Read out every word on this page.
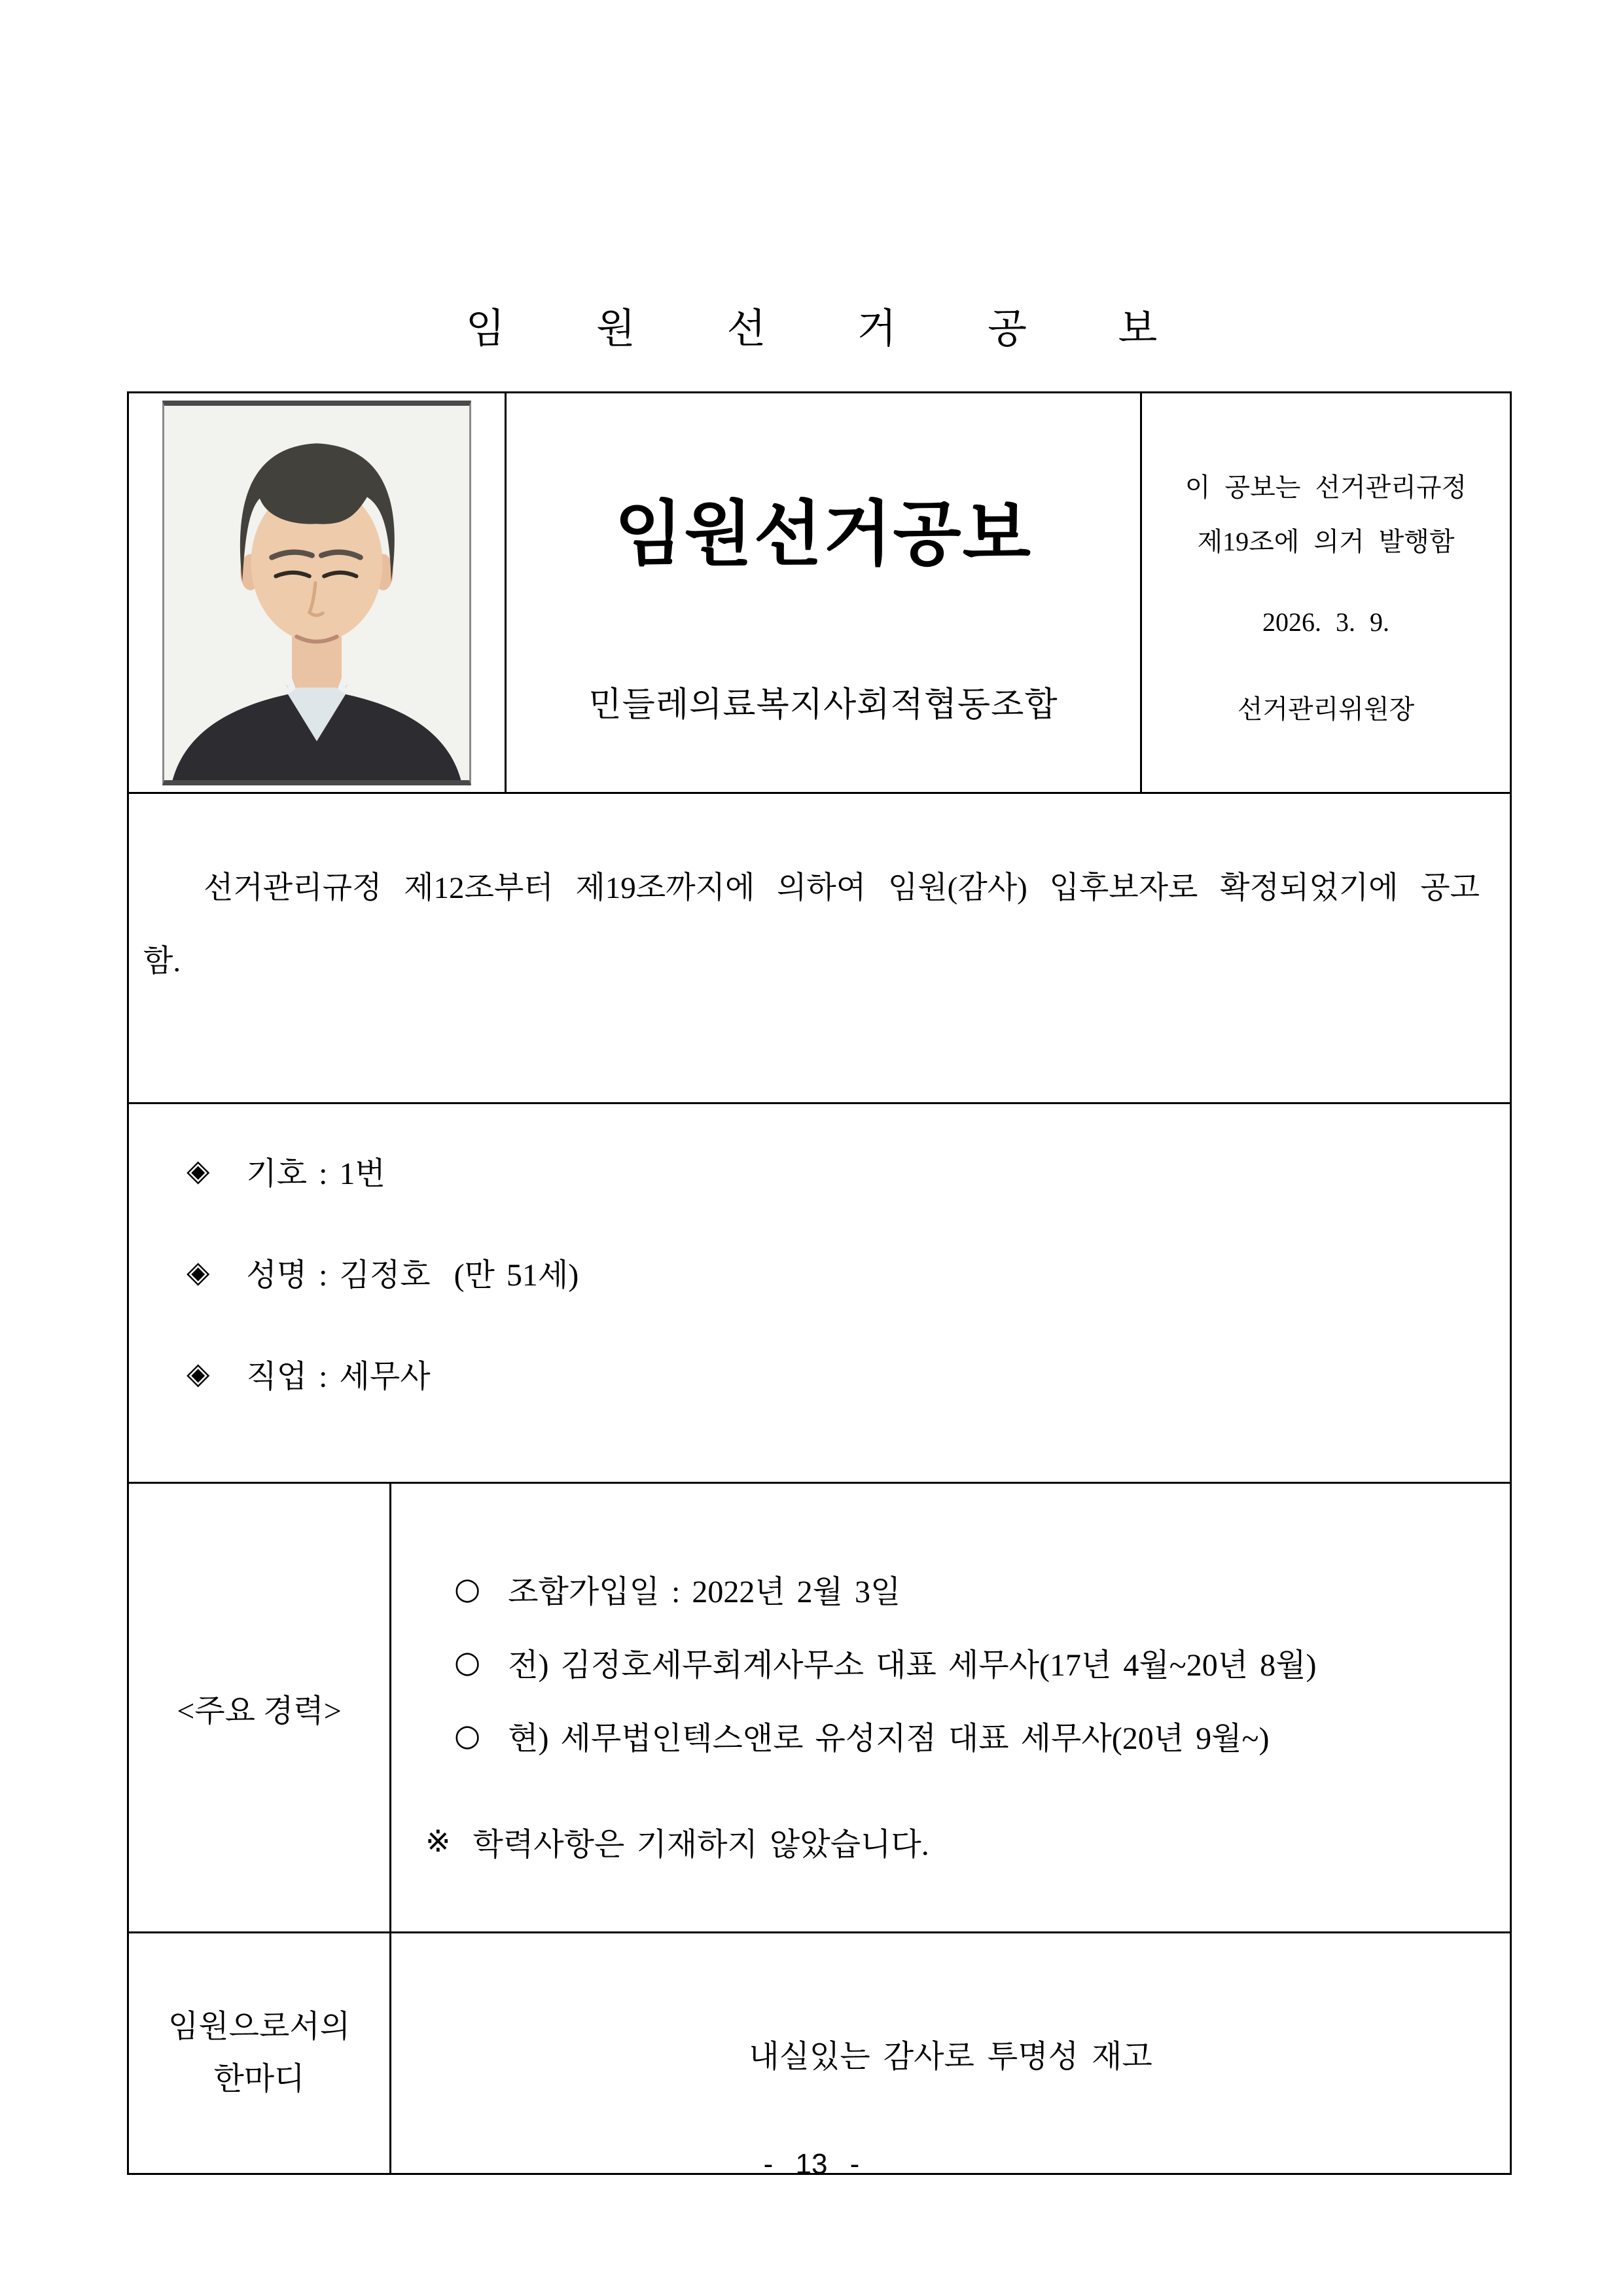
임 원 선 거 공 보
임원선거공보
민들레의료복지사회적협동조합
이 공보는 선거관리규정
제19조에 의거 발행함
2026. 3. 9.
선거관리위원장
선거관리규정 제12조부터 제19조까지에 의하여 임원(감사) 입후보자로 확정되었기에 공고함.
◈ 기호 : 1번
◈ 성명 : 김정호  (만 51세)
◈ 직업 : 세무사
<주요 경력>
○ 조합가입일 : 2022년 2월 3일
○ 전) 김정호세무회계사무소 대표 세무사(17년 4월~20년 8월)
○ 현) 세무법인텍스앤로 유성지점 대표 세무사(20년 9월~)
※ 학력사항은 기재하지 않았습니다.
임원으로서의
한마디
내실있는 감사로 투명성 재고
- 13 -
